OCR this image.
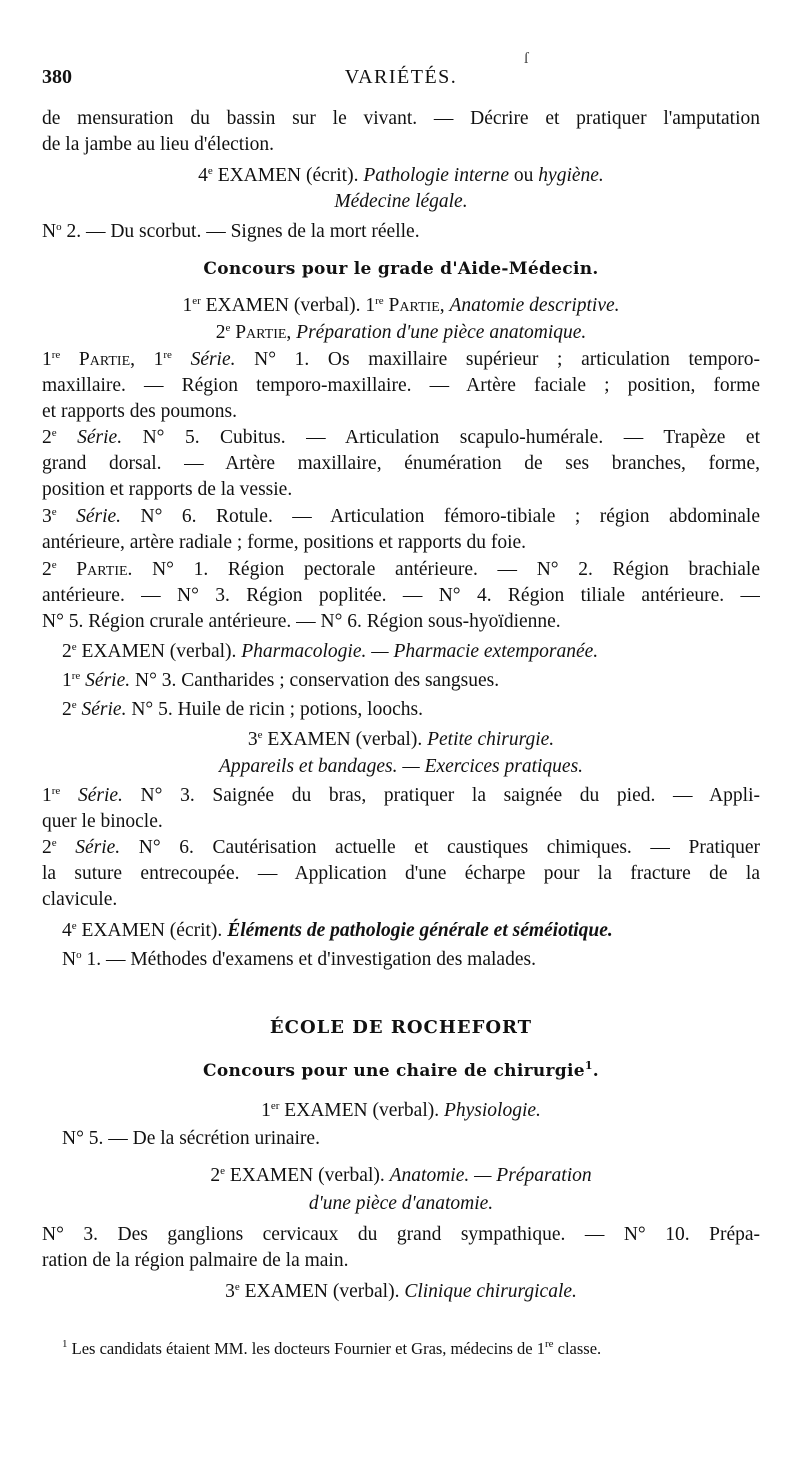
380	VARIÉTÉS.
ſ
de mensuration du bassin sur le vivant. — Décrire et pratiquer l'amputation
de la jambe au lieu d'élection.
4e EXAMEN (écrit). Pathologie interne ou hygiène.
Médecine légale.
$N^o$ 2. — Du scorbut. — Signes de la mort réelle.
Concours pour le grade d'Aide-Médecin.
1er EXAMEN (verbal). 1re Partie, Anatomie descriptive.
2e Partie, Préparation d'une pièce anatomique.
1re Partie, 1re Série. N° 1. Os maxillaire supérieur ; articulation temporo-
maxillaire. — Région temporo-maxillaire. — Artère faciale ; position, forme
et rapports des poumons.
2e Série. N° 5. Cubitus. — Articulation scapulo-humérale. — Trapèze et
grand dorsal. — Artère maxillaire, énumération de ses branches, forme,
position et rapports de la vessie.
3e Série. N° 6. Rotule. — Articulation fémoro-tibiale ; région abdominale
antérieure, artère radiale ; forme, positions et rapports du foie.
2e Partie. N° 1. Région pectorale antérieure. — N° 2. Région brachiale
antérieure. — N° 3. Région poplitée. — N° 4. Région tiliale antérieure. —
N° 5. Région crurale antérieure. — N° 6. Région sous-hyoïdienne.
2e EXAMEN (verbal). Pharmacologie. — Pharmacie extemporanée.
1re Série. N° 3. Cantharides ; conservation des sangsues.
2e Série. N° 5. Huile de ricin ; potions, loochs.
3e EXAMEN (verbal). Petite chirurgie.
Appareils et bandages. — Exercices pratiques.
1re Série. N° 3. Saignée du bras, pratiquer la saignée du pied. — Appli-
quer le binocle.
2e Série. N° 6. Cautérisation actuelle et caustiques chimiques. — Pratiquer
la suture entrecoupée. — Application d'une écharpe pour la fracture de la
clavicule.
4e EXAMEN (écrit). Éléments de pathologie générale et séméiotique.
$N^o$ 1. — Méthodes d'examens et d'investigation des malades.
ÉCOLE DE ROCHEFORT
Concours pour une chaire de chirurgie$^1$.
1er EXAMEN (verbal). Physiologie.
N° 5. — De la sécrétion urinaire.
2e EXAMEN (verbal). Anatomie. — Préparation
d'une pièce d'anatomie.
N° 3. Des ganglions cervicaux du grand sympathique. — N° 10. Prépa-
ration de la région palmaire de la main.
3e EXAMEN (verbal). Clinique chirurgicale.
$^1$ Les candidats étaient MM. les docteurs Fournier et Gras, médecins de 1re classe.
